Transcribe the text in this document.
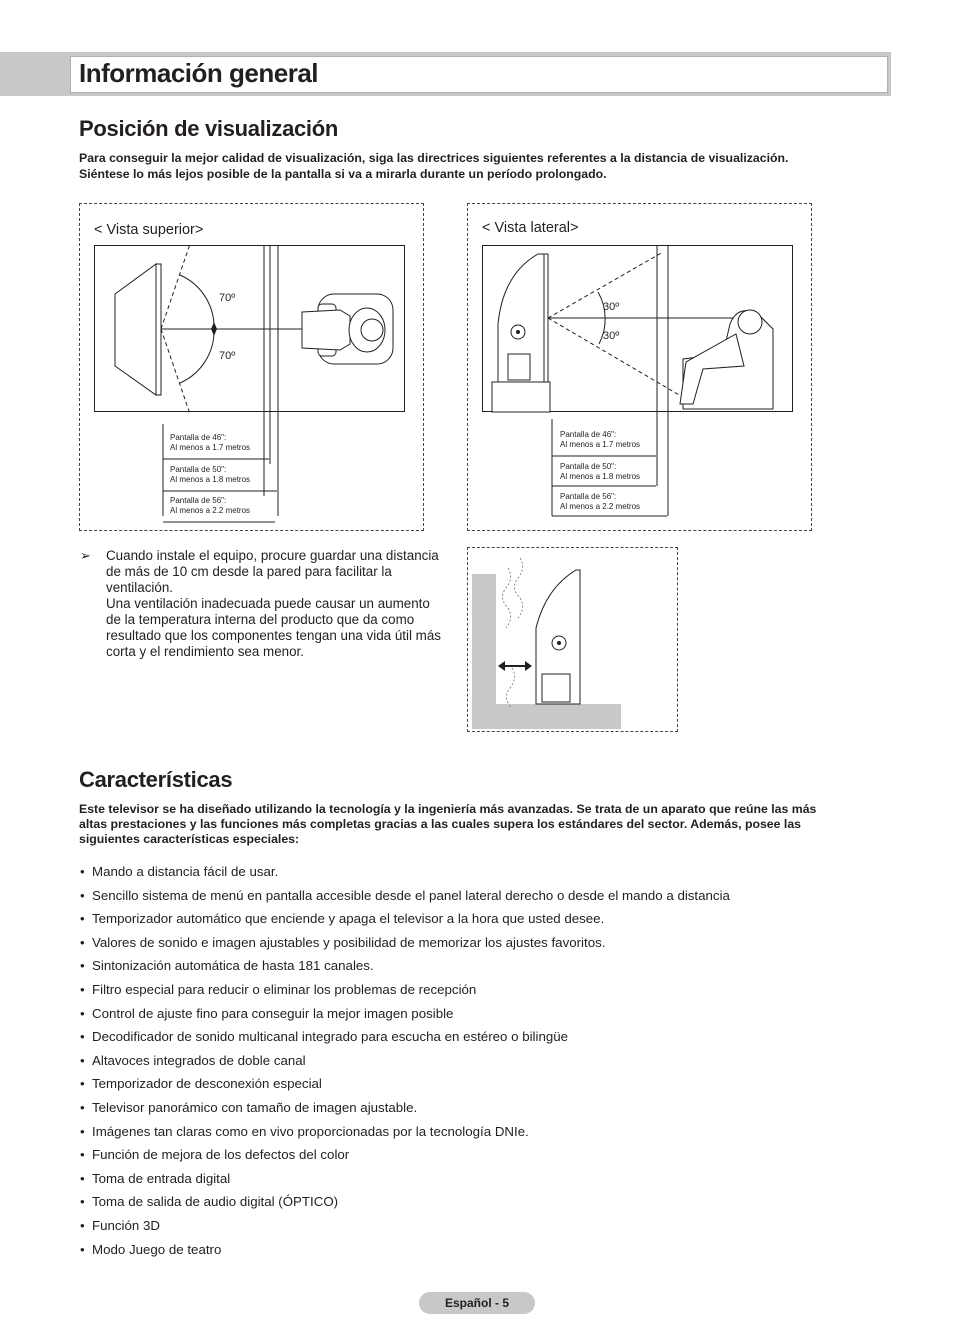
Información general
Posición de visualización
Para conseguir la mejor calidad de visualización, siga las directrices siguientes referentes a la distancia de visualización.
Siéntese lo más lejos posible de la pantalla si va a mirarla durante un período prolongado.
< Vista superior>
70º
70º
Pantalla de 46":
Al menos a 1.7 metros
Pantalla de 50":
Al menos a 1.8 metros
Pantalla de 56":
Al menos a 2.2 metros
< Vista lateral>
30º
30º
Pantalla de 46":
Al menos a 1.7 metros
Pantalla de 50":
Al menos a 1.8 metros
Pantalla de 56":
Al menos a 2.2 metros
➢ Cuando instale el equipo, procure guardar una distancia
de más de 10 cm desde la pared para facilitar la
ventilación.
Una ventilación inadecuada puede causar un aumento
de la temperatura interna del producto que da como
resultado que los componentes tengan una vida útil más
corta y el rendimiento sea menor.
Características
Este televisor se ha diseñado utilizando la tecnología y la ingeniería más avanzadas. Se trata de un aparato que reúne las más
altas prestaciones y las funciones más completas gracias a las cuales supera los estándares del sector. Además, posee las
siguientes características especiales:
• Mando a distancia fácil de usar.
• Sencillo sistema de menú en pantalla accesible desde el panel lateral derecho o desde el mando a distancia
• Temporizador automático que enciende y apaga el televisor a la hora que usted desee.
• Valores de sonido e imagen ajustables y posibilidad de memorizar los ajustes favoritos.
• Sintonización automática de hasta 181 canales.
• Filtro especial para reducir o eliminar los problemas de recepción
• Control de ajuste fino para conseguir la mejor imagen posible
• Decodificador de sonido multicanal integrado para escucha en estéreo o bilingüe
• Altavoces integrados de doble canal
• Temporizador de desconexión especial
• Televisor panorámico con tamaño de imagen ajustable.
• Imágenes tan claras como en vivo proporcionadas por la tecnología DNIe.
• Función de mejora de los defectos del color
• Toma de entrada digital
• Toma de salida de audio digital (ÓPTICO)
• Función 3D
• Modo Juego de teatro
Español - 5
